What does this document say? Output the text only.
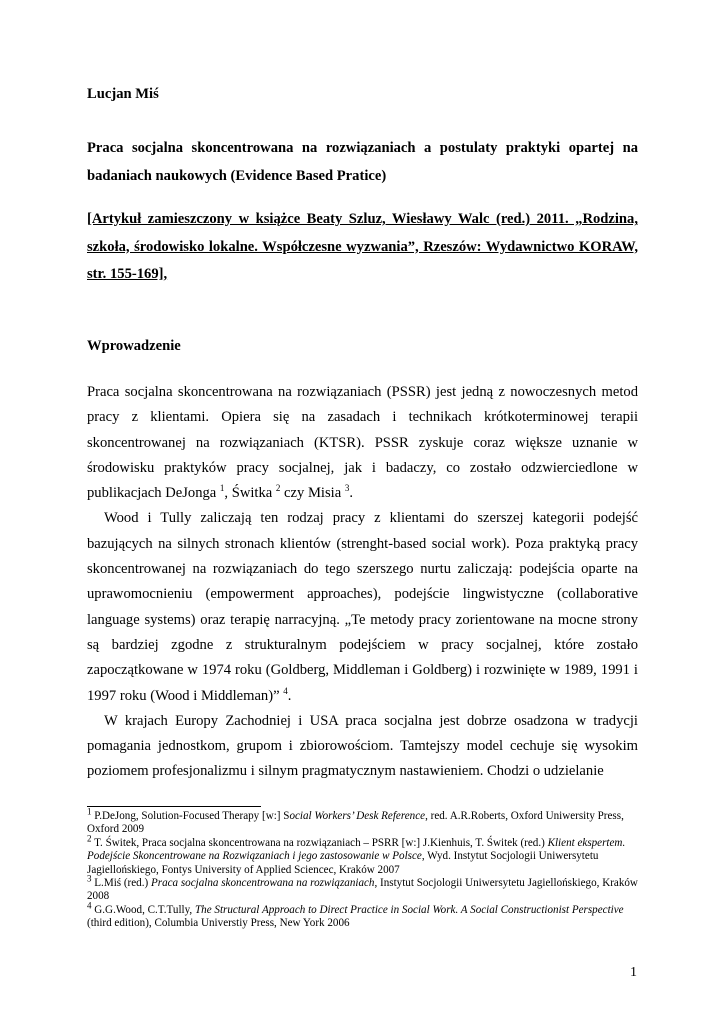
Lucjan Miś
Praca socjalna skoncentrowana na rozwiązaniach a postulaty praktyki opartej na badaniach naukowych (Evidence Based Pratice)
[Artykuł zamieszczony w książce Beaty Szluz, Wiesławy Walc (red.) 2011. „Rodzina, szkoła, środowisko lokalne. Współczesne wyzwania”, Rzeszów: Wydawnictwo KORAW, str. 155-169],
Wprowadzenie

Praca socjalna skoncentrowana na rozwiązaniach (PSSR) jest jedną z nowoczesnych metod pracy z klientami. Opiera się na zasadach i technikach krótkoterminowej terapii skoncentrowanej na rozwiązaniach (KTSR). PSSR zyskuje coraz większe uznanie w środowisku praktyków pracy socjalnej, jak i badaczy, co zostało odzwierciedlone w publikacjach DeJonga $^1$, Świtka $^2$ czy Misia $^3$.

Wood i Tully zaliczają ten rodzaj pracy z klientami do szerszej kategorii podejść bazujących na silnych stronach klientów (strenght-based social work). Poza praktyką pracy skoncentrowanej na rozwiązaniach do tego szerszego nurtu zaliczają: podejścia oparte na uprawomocnieniu (empowerment approaches), podejście lingwistyczne (collaborative language systems) oraz terapię narracyjną. „Te metody pracy zorientowane na mocne strony są bardziej zgodne z strukturalnym podejściem w pracy socjalnej, które zostało zapoczątkowane w 1974 roku (Goldberg, Middleman i Goldberg) i rozwinięte w 1989, 1991 i 1997 roku (Wood i Middleman)” $^4$.

W krajach Europy Zachodniej i USA praca socjalna jest dobrze osadzona w tradycji pomagania jednostkom, grupom i zbiorowościom. Tamtejszy model cechuje się wysokim poziomem profesjonalizmu i silnym pragmatycznym nastawieniem. Chodzi o udzielanie

$^1$ P.DeJong, Solution-Focused Therapy [w:] Social Workers’ Desk Reference, red. A.R.Roberts, Oxford Uniwersity Press, Oxford 2009

$^2$ T. Świtek, Praca socjalna skoncentrowana na rozwiązaniach – PSRR [w:] J.Kienhuis, T. Świtek (red.) Klient ekspertem. Podejście Skoncentrowane na Rozwiązaniach i jego zastosowanie w Polsce, Wyd. Instytut Socjologii Uniwersytetu Jagiellońskiego, Fontys University of Applied Sciencec, Kraków 2007

$^3$ L.Miś (red.) Praca socjalna skoncentrowana na rozwiązaniach, Instytut Socjologii Uniwersytetu Jagiellońskiego, Kraków 2008

$^4$ G.G.Wood, C.T.Tully, The Structural Approach to Direct Practice in Social Work. A Social Constructionist Perspective (third edition), Columbia Universtiy Press, New York 2006

1
